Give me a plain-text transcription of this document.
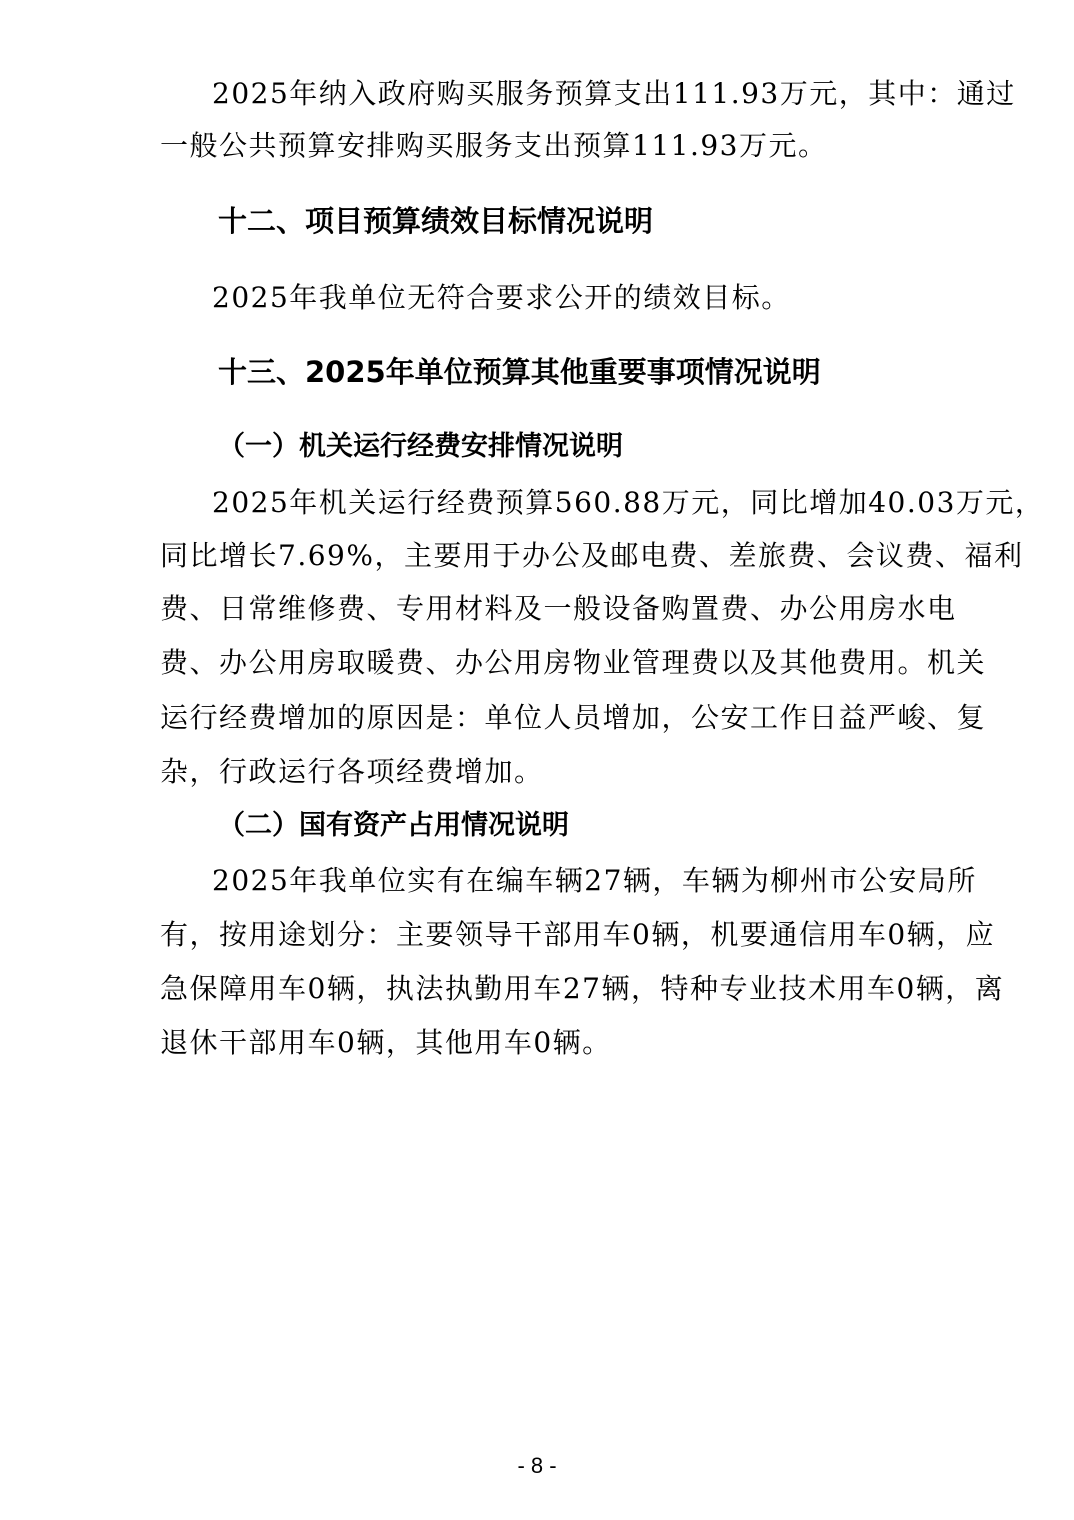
2025年纳入政府购买服务预算支出111.93万元，其中：通过
一般公共预算安排购买服务支出预算111.93万元。
十二、项目预算绩效目标情况说明
2025年我单位无符合要求公开的绩效目标。
十三、2025年单位预算其他重要事项情况说明
（一）机关运行经费安排情况说明
2025年机关运行经费预算560.88万元，同比增加40.03万元，
同比增长7.69%，主要用于办公及邮电费、差旅费、会议费、福利
费、日常维修费、专用材料及一般设备购置费、办公用房水电
费、办公用房取暖费、办公用房物业管理费以及其他费用。机关
运行经费增加的原因是：单位人员增加，公安工作日益严峻、复
杂，行政运行各项经费增加。
（二）国有资产占用情况说明
2025年我单位实有在编车辆27辆，车辆为柳州市公安局所
有，按用途划分：主要领导干部用车0辆，机要通信用车0辆，应
急保障用车0辆，执法执勤用车27辆，特种专业技术用车0辆，离
退休干部用车0辆，其他用车0辆。
- 8 -
